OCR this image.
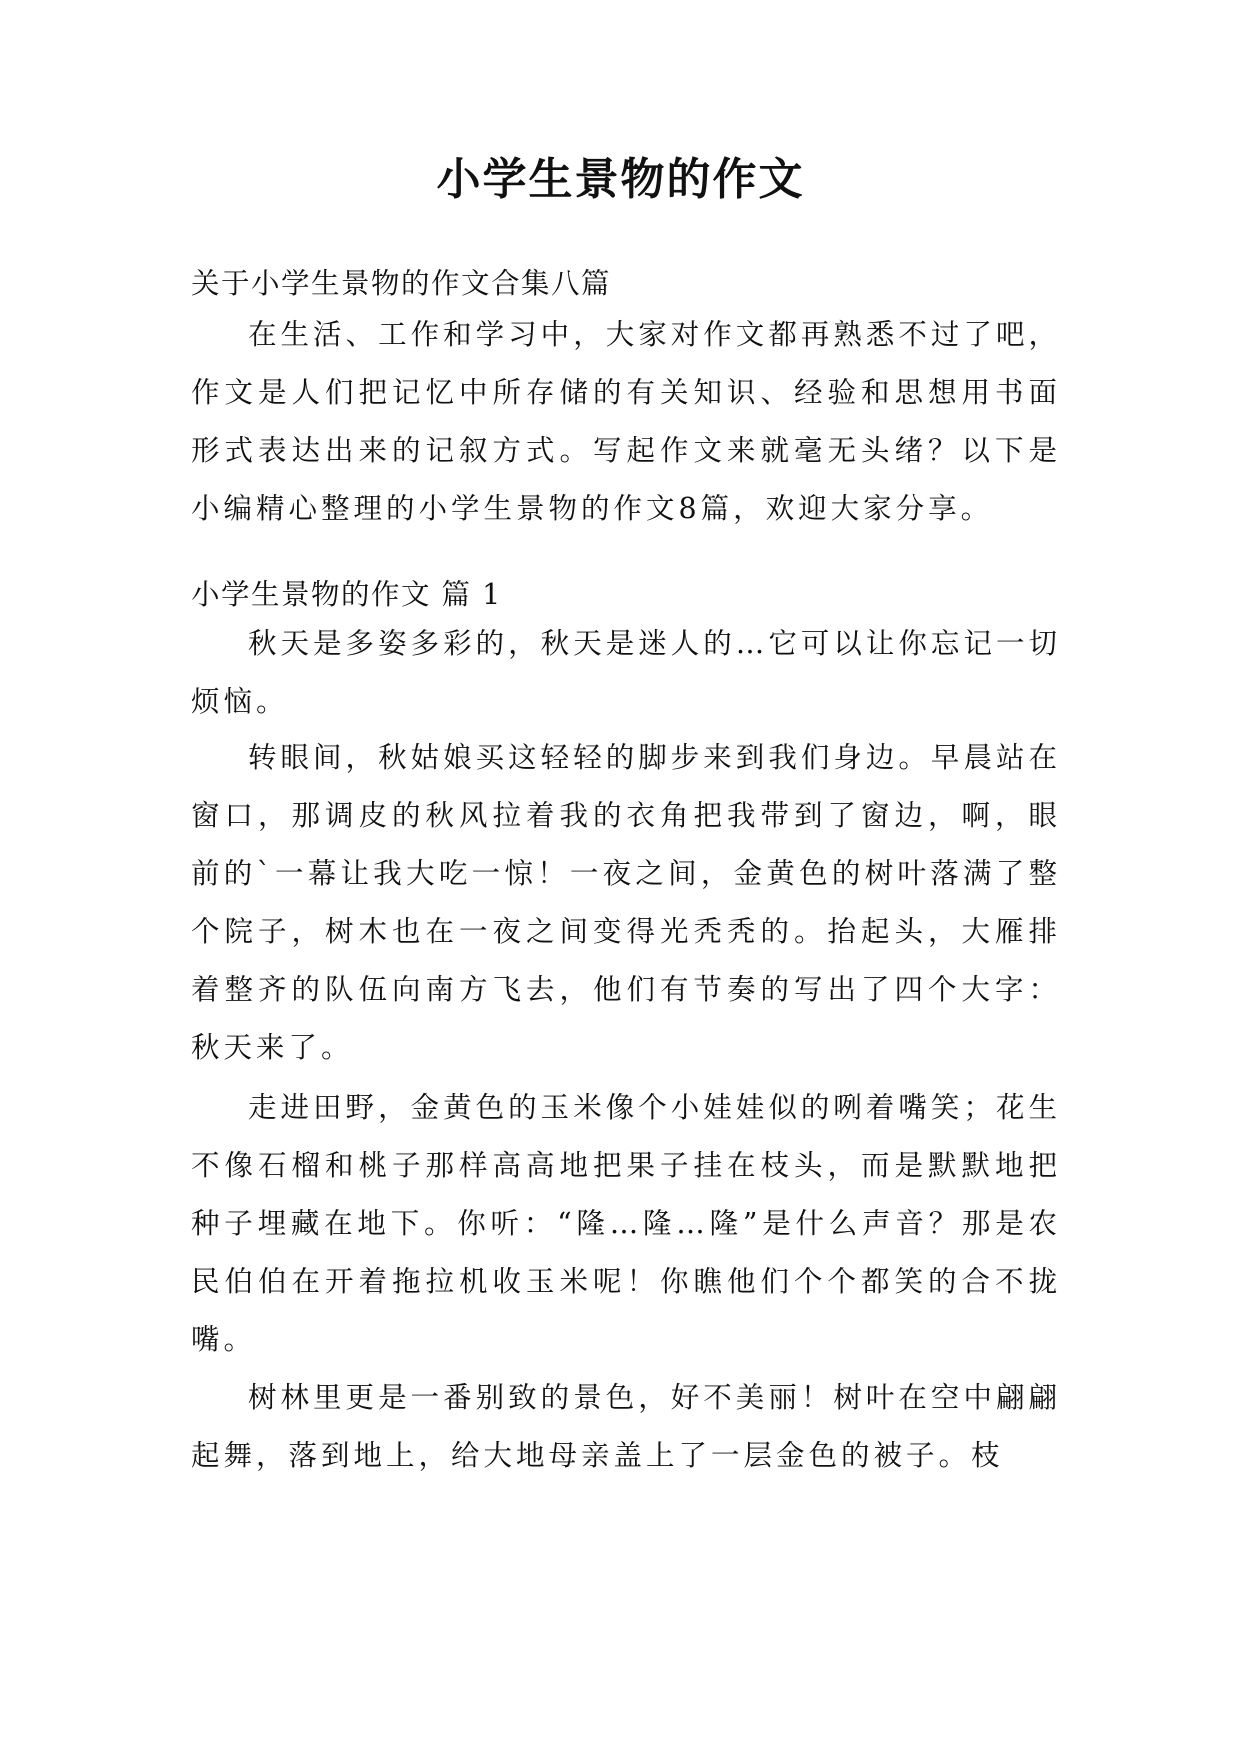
小学生景物的作文
关于小学生景物的作文合集八篇
在生活、工作和学习中，大家对作文都再熟悉不过了吧，作文是人们把记忆中所存储的有关知识、经验和思想用书面形式表达出来的记叙方式。写起作文来就毫无头绪？以下是小编精心整理的小学生景物的作文8篇，欢迎大家分享。
小学生景物的作文 篇 1
秋天是多姿多彩的，秋天是迷人的…它可以让你忘记一切烦恼。
转眼间，秋姑娘买这轻轻的脚步来到我们身边。早晨站在窗口，那调皮的秋风拉着我的衣角把我带到了窗边，啊，眼前的`一幕让我大吃一惊！一夜之间，金黄色的树叶落满了整个院子，树木也在一夜之间变得光秃秃的。抬起头，大雁排着整齐的队伍向南方飞去，他们有节奏的写出了四个大字：秋天来了。
走进田野，金黄色的玉米像个小娃娃似的咧着嘴笑；花生不像石榴和桃子那样高高地把果子挂在枝头，而是默默地把种子埋藏在地下。你听：“隆…隆…隆”是什么声音？那是农民伯伯在开着拖拉机收玉米呢！你瞧他们个个都笑的合不拢嘴。
树林里更是一番别致的景色，好不美丽！树叶在空中翩翩起舞，落到地上，给大地母亲盖上了一层金色的被子。枝
